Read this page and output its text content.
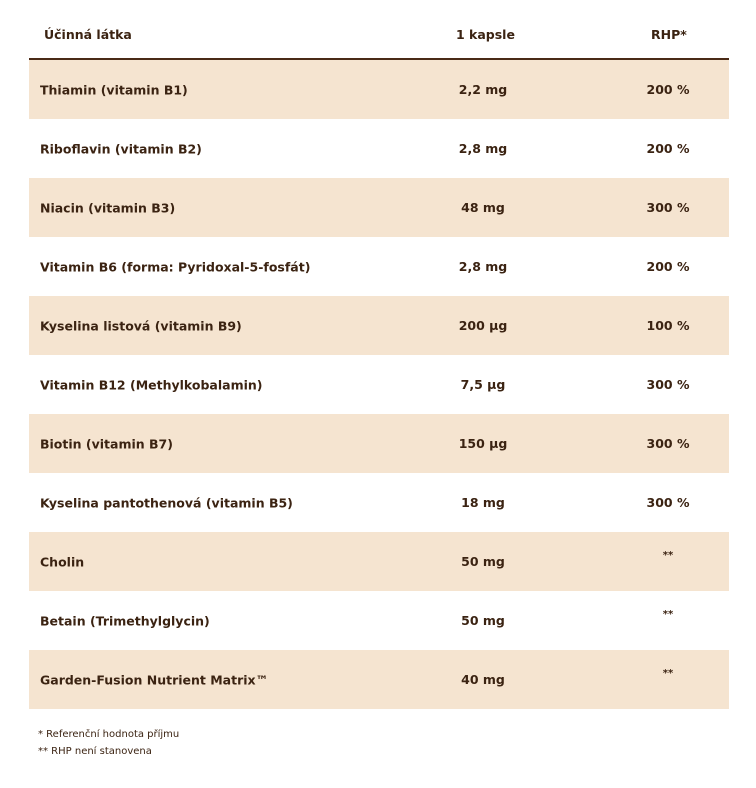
Účinná látka	1 kapsle	RHP*
Thiamin (vitamin B1)	2,2 mg	200 %
Riboflavin (vitamin B2)	2,8 mg	200 %
Niacin (vitamin B3)	48 mg	300 %
Vitamin B6 (forma: Pyridoxal-5-fosfát)	2,8 mg	200 %
Kyselina listová (vitamin B9)	200 µg	100 %
Vitamin B12 (Methylkobalamin)	7,5 µg	300 %
Biotin (vitamin B7)	150 µg	300 %
Kyselina pantothenová (vitamin B5)	18 mg	300 %
Cholin	50 mg	**
Betain (Trimethylglycin)	50 mg	**
Garden-Fusion Nutrient Matrix™	40 mg	**
* Referenční hodnota příjmu
** RHP není stanovena
